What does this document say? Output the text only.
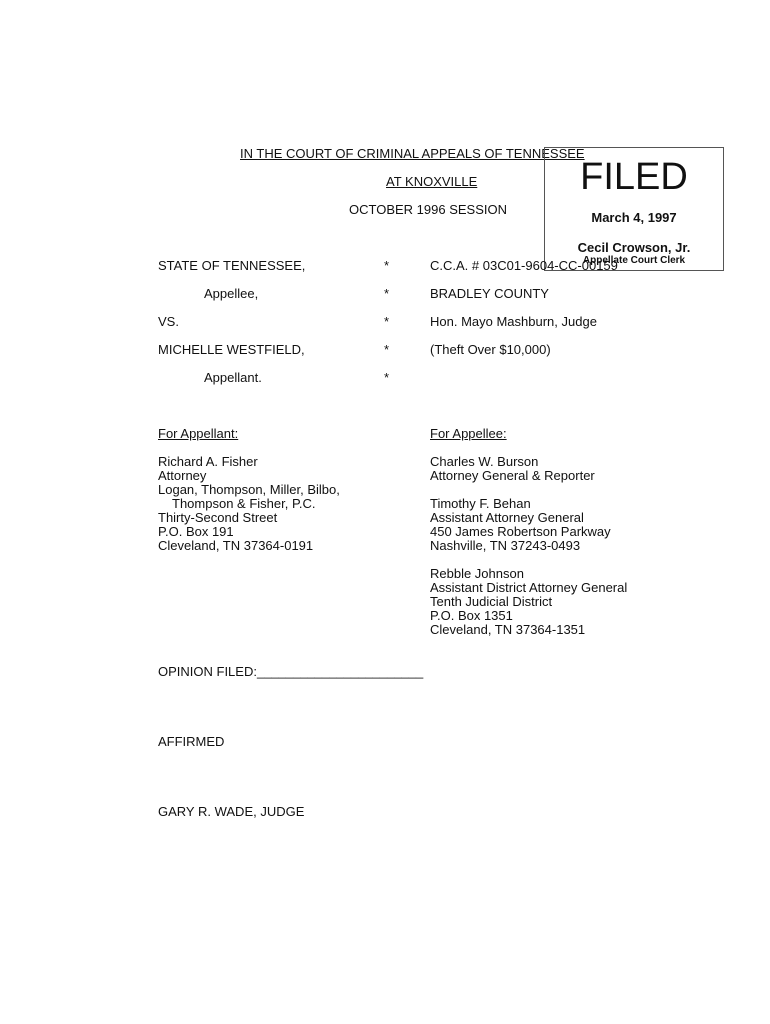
IN THE COURT OF CRIMINAL APPEALS OF TENNESSEE
AT KNOXVILLE
OCTOBER 1996 SESSION
FILED
March 4, 1997
Cecil Crowson, Jr.
Appellate Court Clerk
STATE OF TENNESSEE,	*	C.C.A. # 03C01-9604-CC-00159
Appellee,	*	BRADLEY COUNTY
VS.	*	Hon. Mayo Mashburn, Judge
MICHELLE WESTFIELD,	*	(Theft Over $10,000)
Appellant.	*
For Appellant:
Richard A. Fisher
Attorney
Logan, Thompson, Miller, Bilbo,
Thompson & Fisher, P.C.
Thirty-Second Street
P.O. Box 191
Cleveland, TN 37364-0191
For Appellee:
Charles W. Burson
Attorney General & Reporter
Timothy F. Behan
Assistant Attorney General
450 James Robertson Parkway
Nashville, TN 37243-0493
Rebble Johnson
Assistant District Attorney General
Tenth Judicial District
P.O. Box 1351
Cleveland, TN 37364-1351
OPINION FILED:_______________________
AFFIRMED
GARY R. WADE, JUDGE
